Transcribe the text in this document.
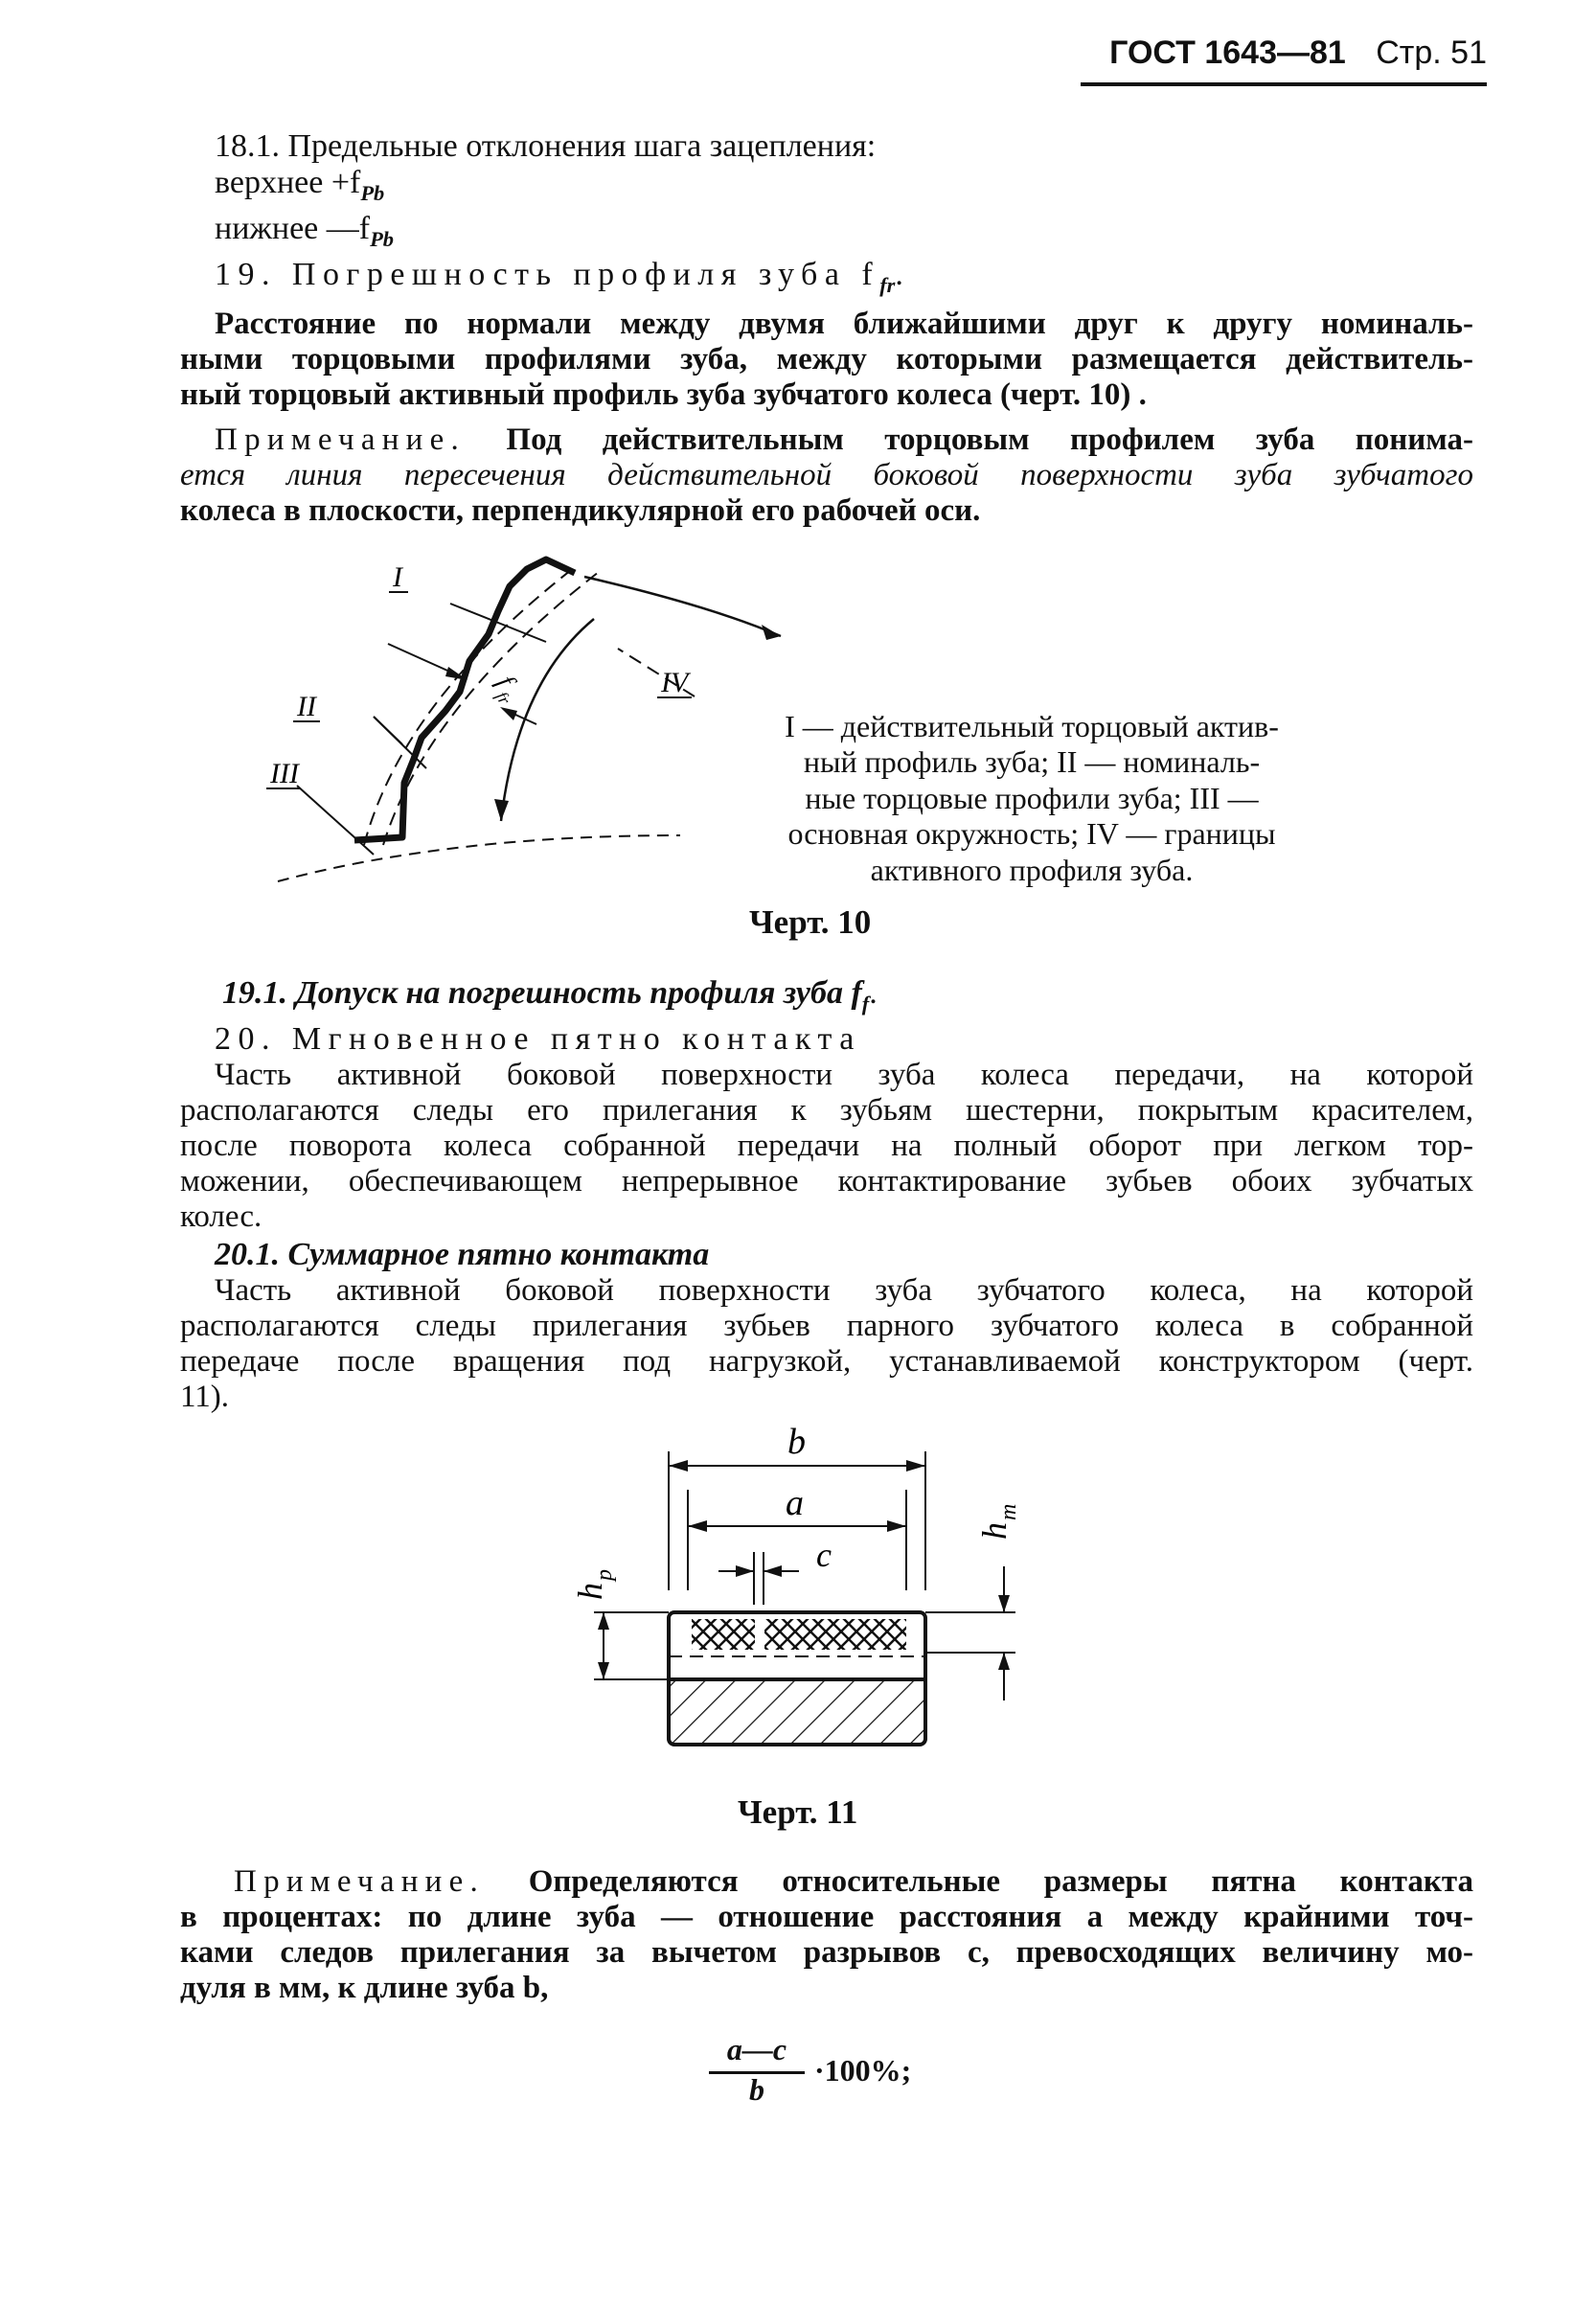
ГОСТ 1643—81 Стр. 51

18.1. Предельные отклонения шага зацепления:

верхнее $+f_{Pb}$

нижнее $—f_{Pb}$

19. Погрешность профиля зуба $f_{fr}$.

Расстояние по нормали между двумя ближайшими друг к другу номиналь-

ными торцовыми профилями зуба, между которыми размещается действитель-

ный торцовый активный профиль зуба зубчатого колеса (черт. 10) .

Примечание. Под действительным торцовым профилем зуба понима-

ется линия пересечения действительной боковой поверхности зуба зубчатого

колеса в плоскости, перпендикулярной его рабочей оси.

I
II
III
IV
f
fr
I — действительный торцовый актив-
ный профиль зуба; II — номиналь-
ные торцовые профили зуба; III —
основная окружность; IV — границы
активного профиля зуба.
Черт. 10

19.1. Допуск на погрешность профиля зуба $f_f$.

20. Мгновенное пятно контакта

Часть активной боковой поверхности зуба колеса передачи, на которой

располагаются следы его прилегания к зубьям шестерни, покрытым красителем,

после поворота колеса собранной передачи на полный оборот при легком тор-

можении, обеспечивающем непрерывное контактирование зубьев обоих зубчатых

колес.

20.1. Суммарное пятно контакта

Часть активной боковой поверхности зуба зубчатого колеса, на которой

располагаются следы прилегания зубьев парного зубчатого колеса в собранной

передаче после вращения под нагрузкой, устанавливаемой конструктором (черт.

11).

b
a
c
h
p
h
m
Черт. 11

Примечание. Определяются относительные размеры пятна контакта

в процентах: по длине зуба — отношение расстояния a между крайними точ-

ками следов прилегания за вычетом разрывов c, превосходящих величину мо-

дуля в мм, к длине зуба b,

a—c
b
·100%;
